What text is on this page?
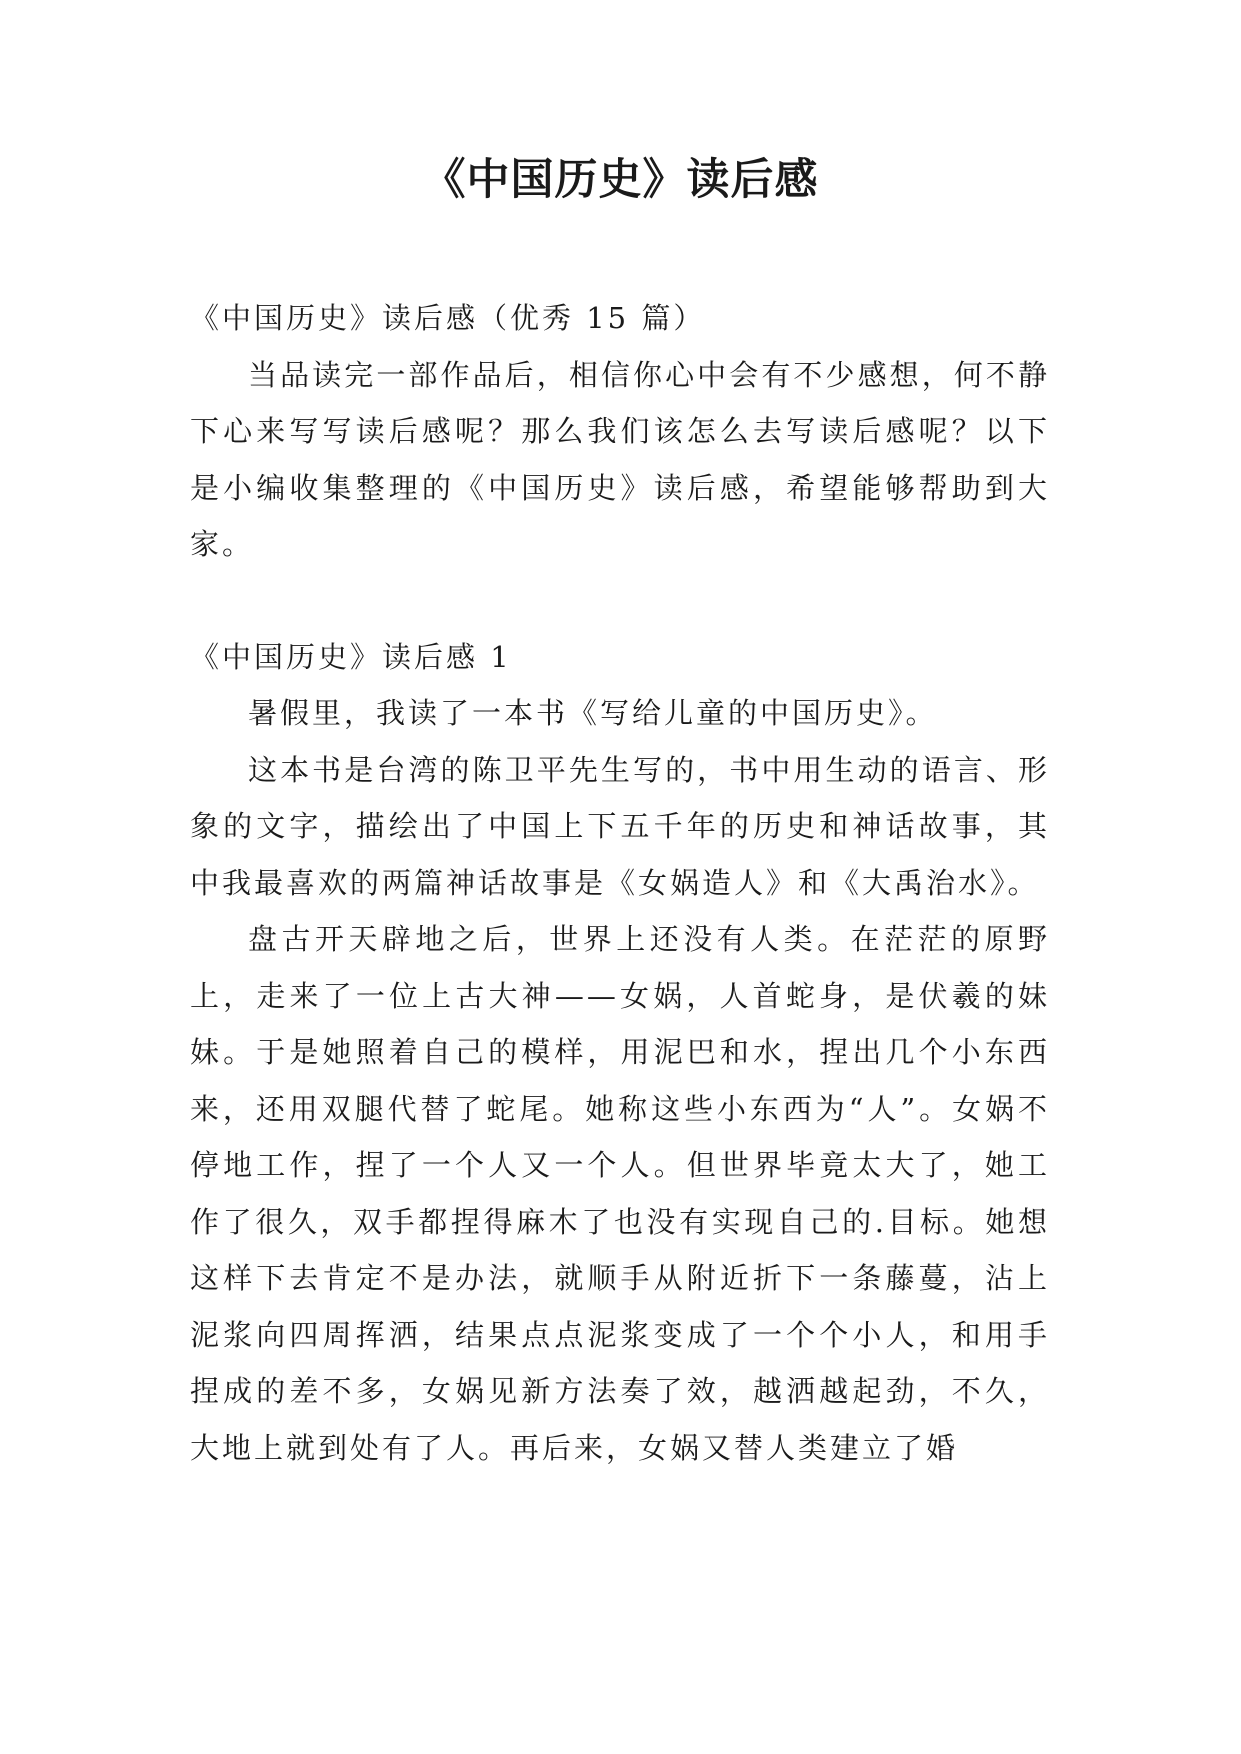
《中国历史》读后感

《中国历史》读后感（优秀 15 篇）

当品读完一部作品后，相信你心中会有不少感想，何不静下心来写写读后感呢？那么我们该怎么去写读后感呢？以下是小编收集整理的《中国历史》读后感，希望能够帮助到大家。

《中国历史》读后感 1

暑假里，我读了一本书《写给儿童的中国历史》。

这本书是台湾的陈卫平先生写的，书中用生动的语言、形象的文字，描绘出了中国上下五千年的历史和神话故事，其中我最喜欢的两篇神话故事是《女娲造人》和《大禹治水》。

盘古开天辟地之后，世界上还没有人类。在茫茫的原野上，走来了一位上古大神——女娲，人首蛇身，是伏羲的妹妹。于是她照着自己的模样，用泥巴和水，捏出几个小东西来，还用双腿代替了蛇尾。她称这些小东西为“人”。女娲不停地工作，捏了一个人又一个人。但世界毕竟太大了，她工作了很久，双手都捏得麻木了也没有实现自己的.目标。她想这样下去肯定不是办法，就顺手从附近折下一条藤蔓，沾上泥浆向四周挥洒，结果点点泥浆变成了一个个小人，和用手捏成的差不多，女娲见新方法奏了效，越洒越起劲，不久，大地上就到处有了人。再后来，女娲又替人类建立了婚
